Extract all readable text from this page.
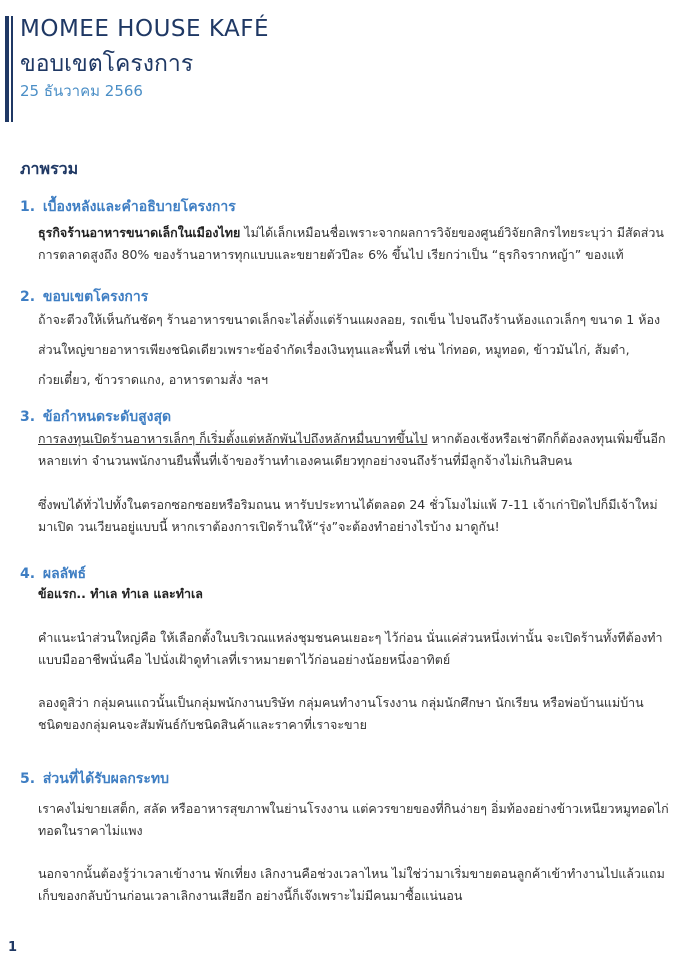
MOMEE HOUSE KAFÉ
ขอบเขตโครงการ
25 ธันวาคม 2566
ภาพรวม
1. เบื้องหลังและคำอธิบายโครงการ
ธุรกิจร้านอาหารขนาดเล็กในเมืองไทย ไม่ได้เล็กเหมือนชื่อเพราะจากผลการวิจัยของศูนย์วิจัยกสิกรไทยระบุว่า มีสัดส่วนการตลาดสูงถึง 80% ของร้านอาหารทุกแบบและขยายตัวปีละ 6% ขึ้นไป เรียกว่าเป็น “ธุรกิจรากหญ้า” ของแท้
2. ขอบเขตโครงการ
ถ้าจะตีวงให้เห็นกันชัดๆ ร้านอาหารขนาดเล็กจะไล่ตั้งแต่ร้านแผงลอย, รถเข็น ไปจนถึงร้านห้องแถวเล็กๆ ขนาด 1 ห้อง ส่วนใหญ่ขายอาหารเพียงชนิดเดียวเพราะข้อจำกัดเรื่องเงินทุนและพื้นที่ เช่น ไก่ทอด, หมูทอด, ข้าวมันไก่, ส้มตำ, ก๋วยเตี๋ยว, ข้าวราดแกง, อาหารตามสั่ง ฯลฯ
3. ข้อกำหนดระดับสูงสุด
การลงทุนเปิดร้านอาหารเล็กๆ ก็เริ่มตั้งแต่หลักพันไปถึงหลักหมื่นบาทขึ้นไป หากต้องเช้งหรือเช่าตึกก็ต้องลงทุนเพิ่มขึ้นอีกหลายเท่า จำนวนพนักงานยืนพื้นที่เจ้าของร้านทำเองคนเดียวทุกอย่างจนถึงร้านที่มีลูกจ้างไม่เกินสิบคน
ซึ่งพบได้ทั่วไปทั้งในตรอกซอกซอยหรือริมถนน หารับประทานได้ตลอด 24 ชั่วโมงไม่แพ้ 7-11 เจ้าเก่าปิดไปก็มีเจ้าใหม่มาเปิด วนเวียนอยู่แบบนี้ หากเราต้องการเปิดร้านให้“รุ่ง”จะต้องทำอย่างไรบ้าง มาดูกัน!
4. ผลลัพธ์
ข้อแรก.. ทำเล ทำเล และทำเล
คำแนะนำส่วนใหญ่คือ ให้เลือกตั้งในบริเวณแหล่งชุมชนคนเยอะๆ ไว้ก่อน นั่นแค่ส่วนหนึ่งเท่านั้น จะเปิดร้านทั้งทีต้องทำแบบมืออาชีพนั่นคือ ไปนั่งเฝ้าดูทำเลที่เราหมายตาไว้ก่อนอย่างน้อยหนึ่งอาทิตย์
ลองดูสิว่า กลุ่มคนแถวนั้นเป็นกลุ่มพนักงานบริษัท กลุ่มคนทำงานโรงงาน กลุ่มนักศึกษา นักเรียน หรือพ่อบ้านแม่บ้าน ชนิดของกลุ่มคนจะสัมพันธ์กับชนิดสินค้าและราคาที่เราจะขาย
5. ส่วนที่ได้รับผลกระทบ
เราคงไม่ขายเสต็ก, สลัด หรืออาหารสุขภาพในย่านโรงงาน แต่ควรขายของที่กินง่ายๆ อิ่มท้องอย่างข้าวเหนียวหมูทอดไก่ทอดในราคาไม่แพง
นอกจากนั้นต้องรู้ว่าเวลาเข้างาน พักเที่ยง เลิกงานคือช่วงเวลาไหน ไม่ใช่ว่ามาเริ่มขายตอนลูกค้าเข้าทำงานไปแล้วแถมเก็บของกลับบ้านก่อนเวลาเลิกงานเสียอีก อย่างนี้ก็เจ๊งเพราะไม่มีคนมาซื้อแน่นอน
1
